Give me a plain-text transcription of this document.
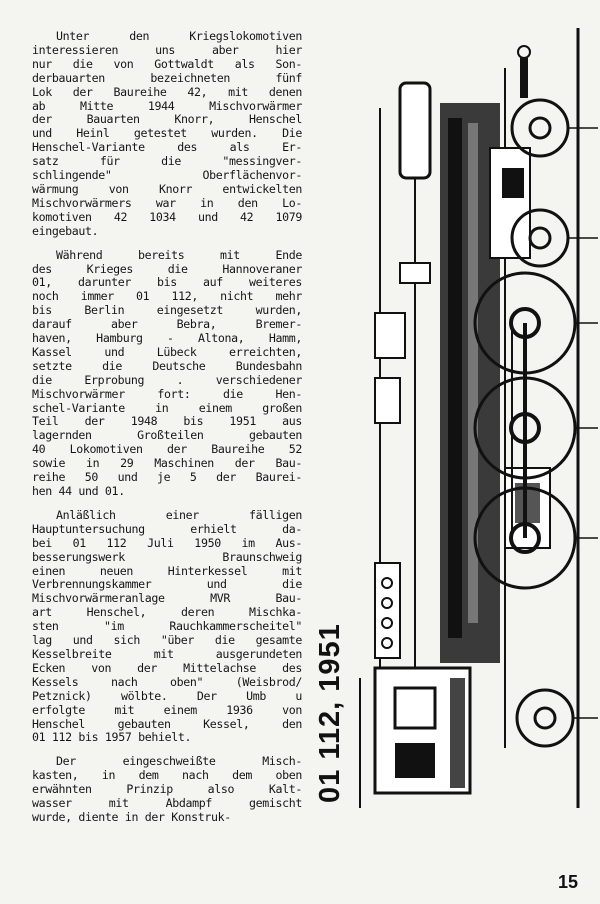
Unter den Kriegslokomotiven
interessieren uns aber hier
nur die von Gottwaldt als Son-
derbauarten bezeichneten fünf
Lok der Baureihe 42, mit denen
ab Mitte 1944 Mischvorwärmer
der Bauarten Knorr, Henschel
und Heinl getestet wurden. Die
Henschel-Variante des als Er-
satz für die "messingver-
schlingende" Oberflächenvor-
wärmung von Knorr entwickelten
Mischvorwärmers war in den Lo-
komotiven 42 1034 und 42 1079
eingebaut.
Während bereits mit Ende
des Krieges die Hannoveraner
01, darunter bis auf weiteres
noch immer 01 112, nicht mehr
bis Berlin eingesetzt wurden,
darauf aber Bebra, Bremer-
haven, Hamburg - Altona, Hamm,
Kassel und Lübeck erreichten,
setzte die Deutsche Bundesbahn
die Erprobung . verschiedener
Mischvorwärmer fort: die Hen-
schel-Variante in einem großen
Teil der 1948 bis 1951 aus
lagernden Großteilen gebauten
40 Lokomotiven der Baureihe 52
sowie in 29 Maschinen der Bau-
reihe 50 und je 5 der Baurei-
hen 44 und 01.
Anläßlich einer fälligen
Hauptuntersuchung erhielt da-
bei 01 112 Juli 1950 im Aus-
besserungswerk Braunschweig
einen neuen Hinterkessel mit
Verbrennungskammer und die
Mischvorwärmeranlage MVR Bau-
art Henschel, deren Mischka-
sten "im Rauchkammerscheitel"
lag und sich "über die gesamte
Kesselbreite mit ausgerundeten
Ecken von der Mittelachse des
Kessels nach oben" (Weisbrod/
Petznick) wölbte. Der Umb u
erfolgte mit einem 1936 von
Henschel gebauten Kessel, den
01 112 bis 1957 behielt.
Der eingeschweißte Misch-
kasten, in dem nach dem oben
erwähnten Prinzip also Kalt-
wasser mit Abdampf gemischt
wurde, diente in der Konstruk-
01 112, 1951
15
